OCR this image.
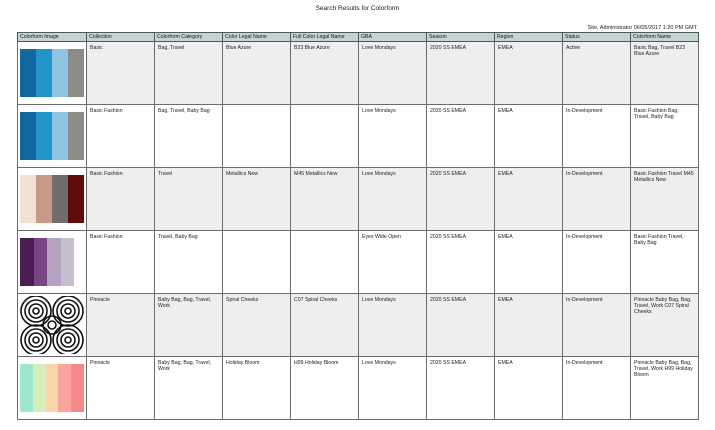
Search Results for Colorform
Site, Administrator 06/05/2017 1:20 PM GMT
Colorform Image	Collection	Colorform Category	Color Legal Name	Full Color Legal Name	GBA	Season	Region	Status	Colorform Name

	Basic	Bag, Travel	Blue Azure	B23 Blue Azure	Love Mondays	2020 SS EMEA	EMEA	Active	Basic Bag, Travel B23 Blue Azure

	Basic Fashion	Bag, Travel, Baby Bag			Love Mondays	2020 SS EMEA	EMEA	In-Development	Basic Fashion Bag, Travel, Baby Bag

	Basic Fashion	Travel	Metallics New	M45 Metallics New	Love Mondays	2020 SS EMEA	EMEA	In-Development	Basic Fashion Travel M45 Metallics New

	Basic Fashion	Travel, Baby Bag			Eyes Wide Open	2020 SS EMEA	EMEA	In-Development	Basic Fashion Travel, Baby Bag

	Pinnacle	Baby Bag, Bag, Travel, Work	Spiral Cheeks	C07 Spiral Cheeks	Love Mondays	2020 SS EMEA	EMEA	In-Development	Pinnacle Baby Bag, Bag, Travel, Work C07 Spiral Cheeks

	Pinnacle	Baby Bag, Bag, Travel, Work	Holiday Bloom	H99 Holiday Bloom	Love Mondays	2020 SS EMEA	EMEA	In-Development	Pinnacle Baby Bag, Bag, Travel, Work H99 Holiday Bloom
